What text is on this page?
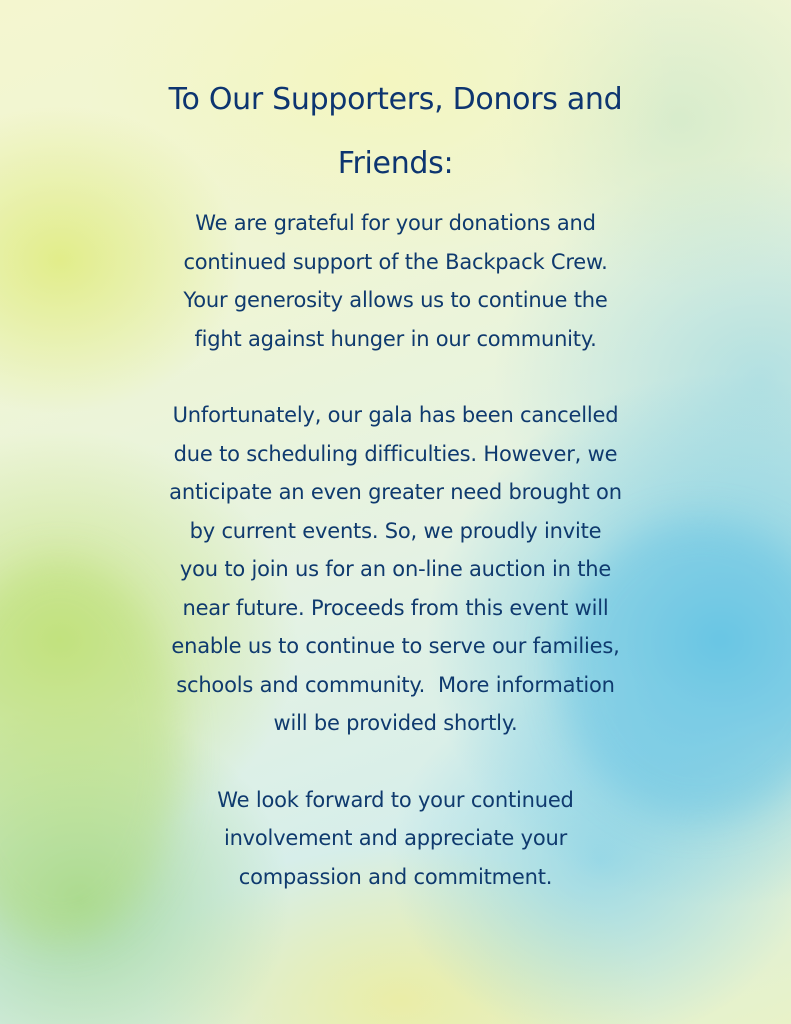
To Our Supporters, Donors and
Friends:

We are grateful for your donations and
continued support of the Backpack Crew.
Your generosity allows us to continue the
fight against hunger in our community.

Unfortunately, our gala has been cancelled
due to scheduling difficulties. However, we
anticipate an even greater need brought on
by current events. So, we proudly invite
you to join us for an on-line auction in the
near future. Proceeds from this event will
enable us to continue to serve our families,
schools and community.  More information
will be provided shortly.

We look forward to your continued
involvement and appreciate your
compassion and commitment.
